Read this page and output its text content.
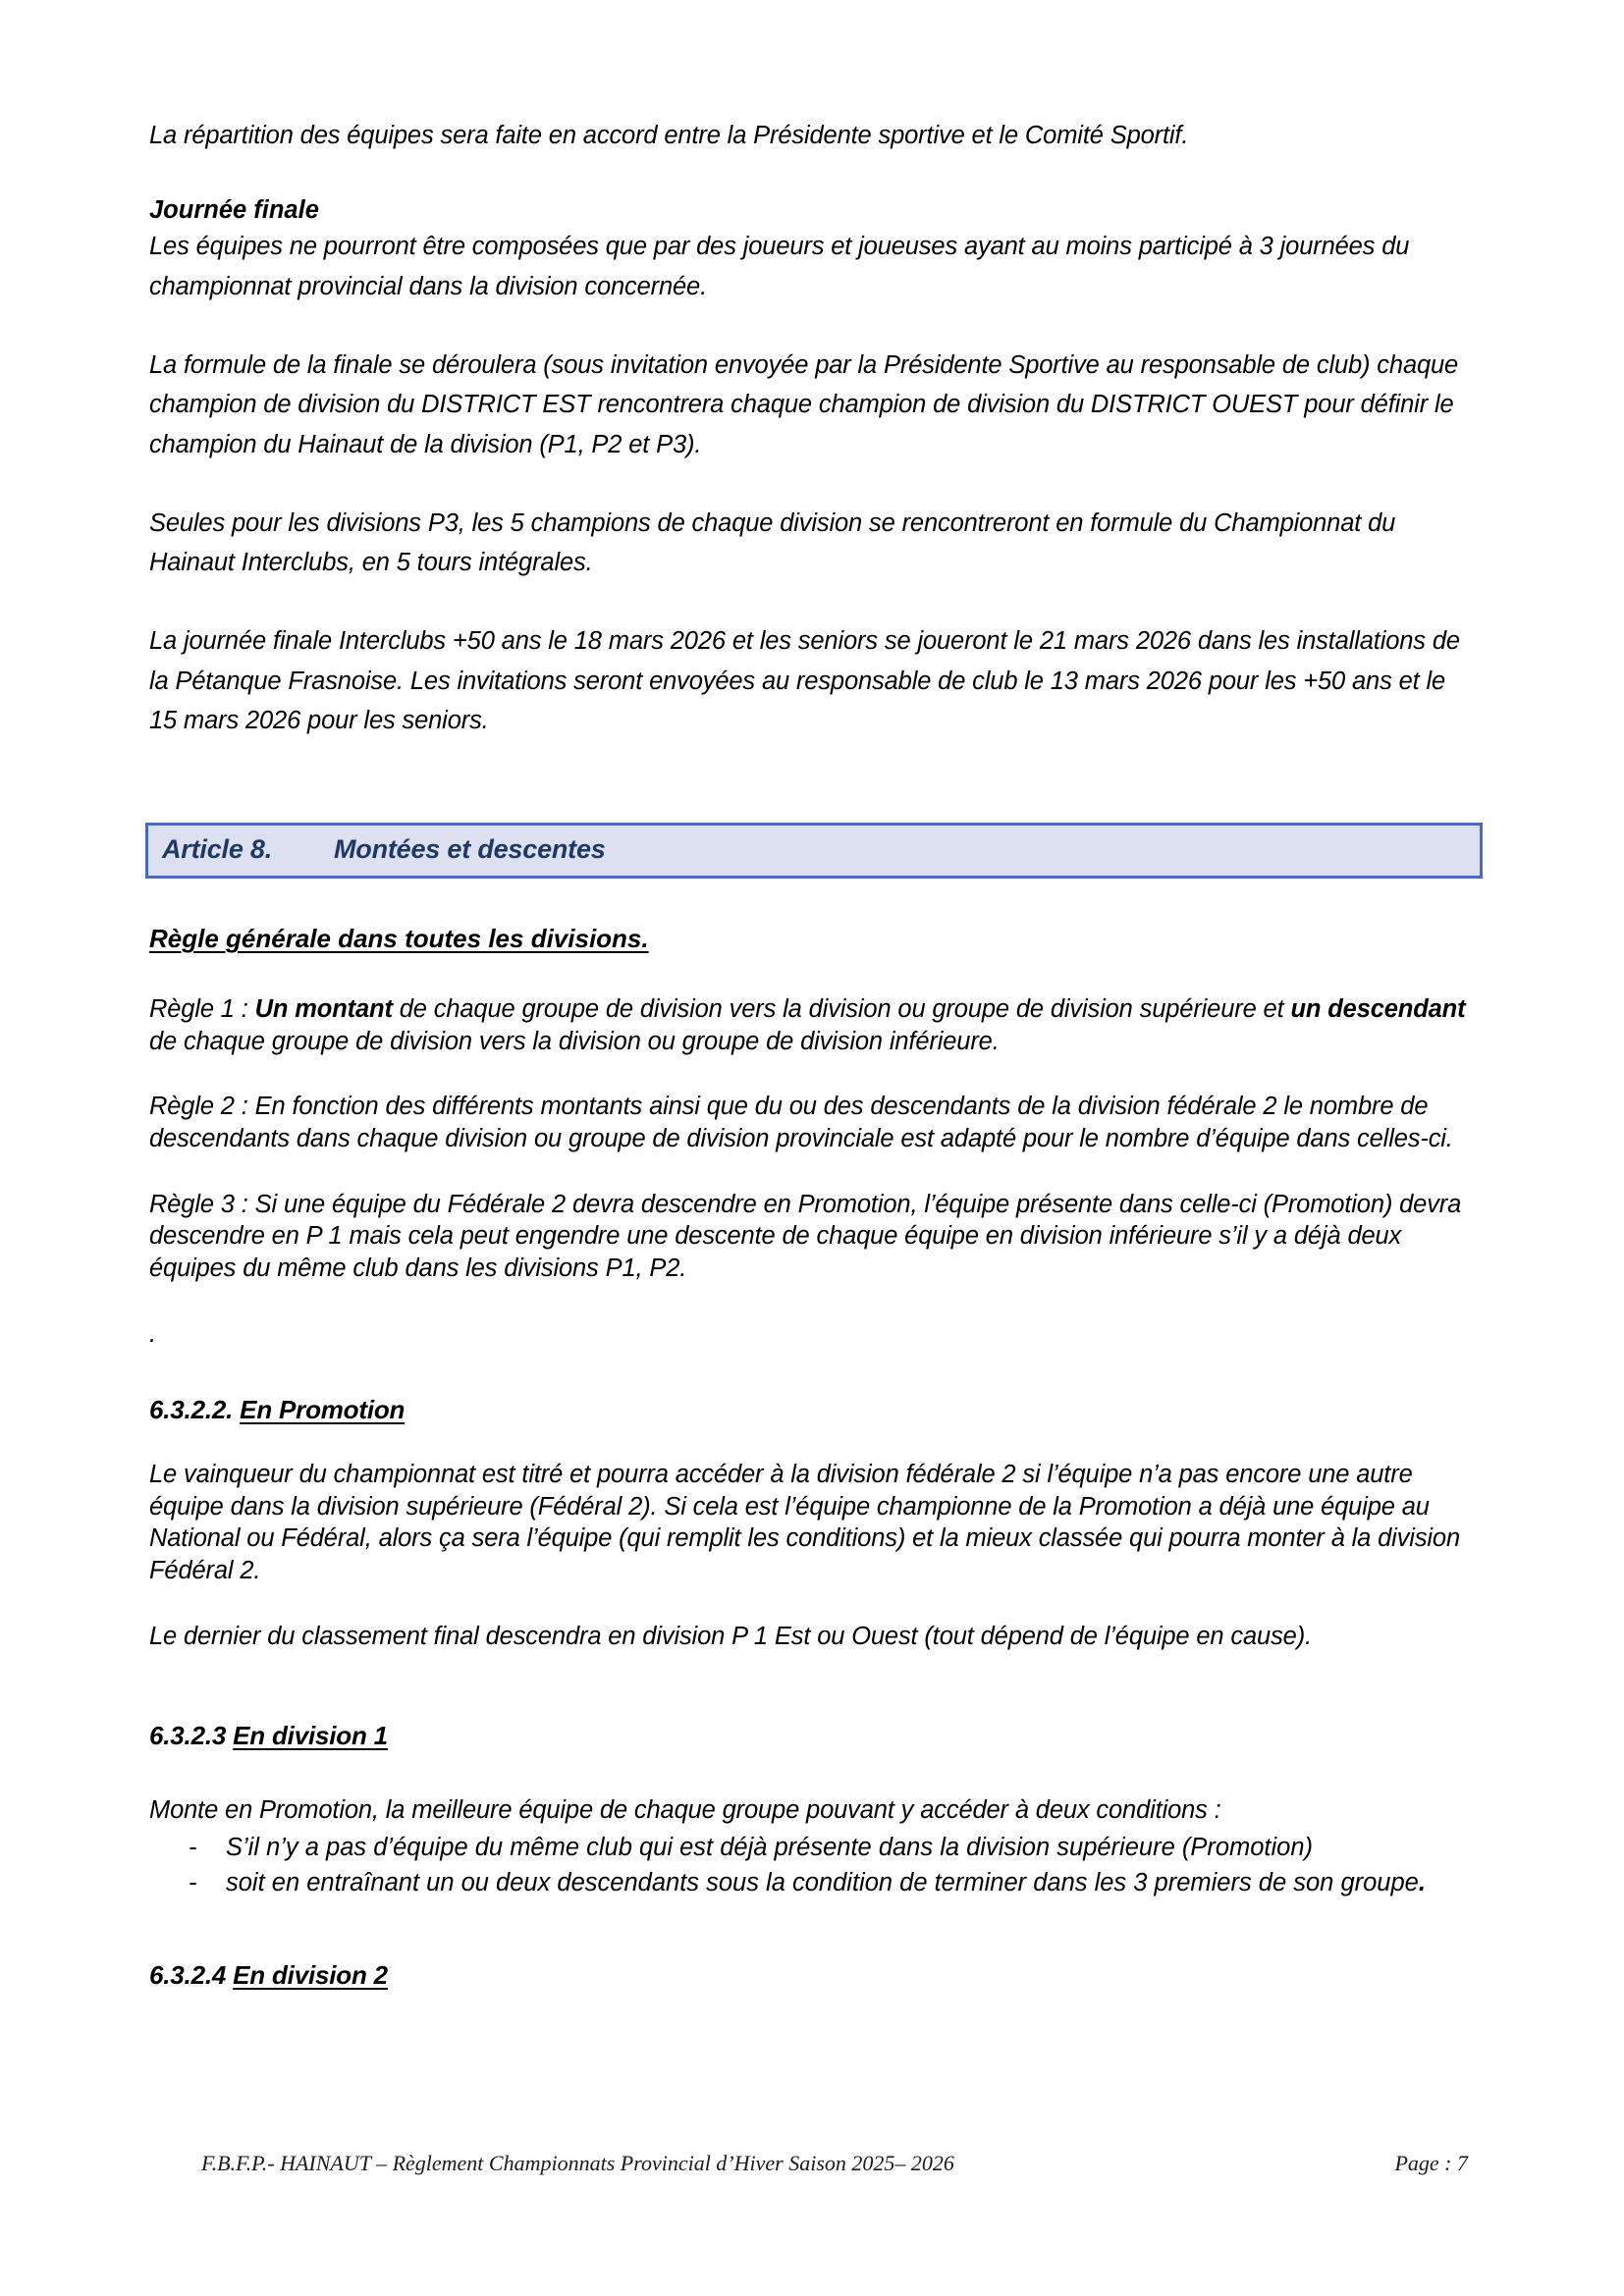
La répartition des équipes sera faite en accord entre la Présidente sportive et le Comité Sportif.

Journée finale

Les équipes ne pourront être composées que par des joueurs et joueuses ayant au moins participé à 3 journées du championnat provincial dans la division concernée.

La formule de la finale se déroulera (sous invitation envoyée par la Présidente Sportive au responsable de club) chaque champion de division du DISTRICT EST rencontrera chaque champion de division du DISTRICT OUEST pour définir le champion du Hainaut de la division (P1, P2 et P3).

Seules pour les divisions P3, les 5 champions de chaque division se rencontreront en formule du Championnat du Hainaut Interclubs, en 5 tours intégrales.

La journée finale Interclubs +50 ans le 18 mars 2026 et les seniors se joueront le 21 mars 2026 dans les installations de la Pétanque Frasnoise. Les invitations seront envoyées au responsable de club le 13 mars 2026 pour les +50 ans et le 15 mars 2026 pour les seniors.

Article 8. Montées et descentes

Règle générale dans toutes les divisions.

Règle 1 : Un montant de chaque groupe de division vers la division ou groupe de division supérieure et un descendant de chaque groupe de division vers la division ou groupe de division inférieure.

Règle 2 : En fonction des différents montants ainsi que du ou des descendants de la division fédérale 2 le nombre de descendants dans chaque division ou groupe de division provinciale est adapté pour le nombre d’équipe dans celles-ci.

Règle 3 : Si une équipe du Fédérale 2 devra descendre en Promotion, l’équipe présente dans celle-ci (Promotion) devra descendre en P 1 mais cela peut engendre une descente de chaque équipe en division inférieure s’il y a déjà deux équipes du même club dans les divisions P1, P2.

.

6.3.2.2. En Promotion

Le vainqueur du championnat est titré et pourra accéder à la division fédérale 2 si l’équipe n’a pas encore une autre équipe dans la division supérieure (Fédéral 2). Si cela est l’équipe championne de la Promotion a déjà une équipe au National ou Fédéral, alors ça sera l’équipe (qui remplit les conditions) et la mieux classée qui pourra monter à la division Fédéral 2.

Le dernier du classement final descendra en division P 1 Est ou Ouest (tout dépend de l’équipe en cause).

6.3.2.3 En division 1

Monte en Promotion, la meilleure équipe de chaque groupe pouvant y accéder à deux conditions :

- S’il n’y a pas d’équipe du même club qui est déjà présente dans la division supérieure (Promotion)
- soit en entraînant un ou deux descendants sous la condition de terminer dans les 3 premiers de son groupe.

6.3.2.4 En division 2

F.B.F.P.- HAINAUT – Règlement Championnats Provincial d’Hiver Saison 2025– 2026	Page : 7
